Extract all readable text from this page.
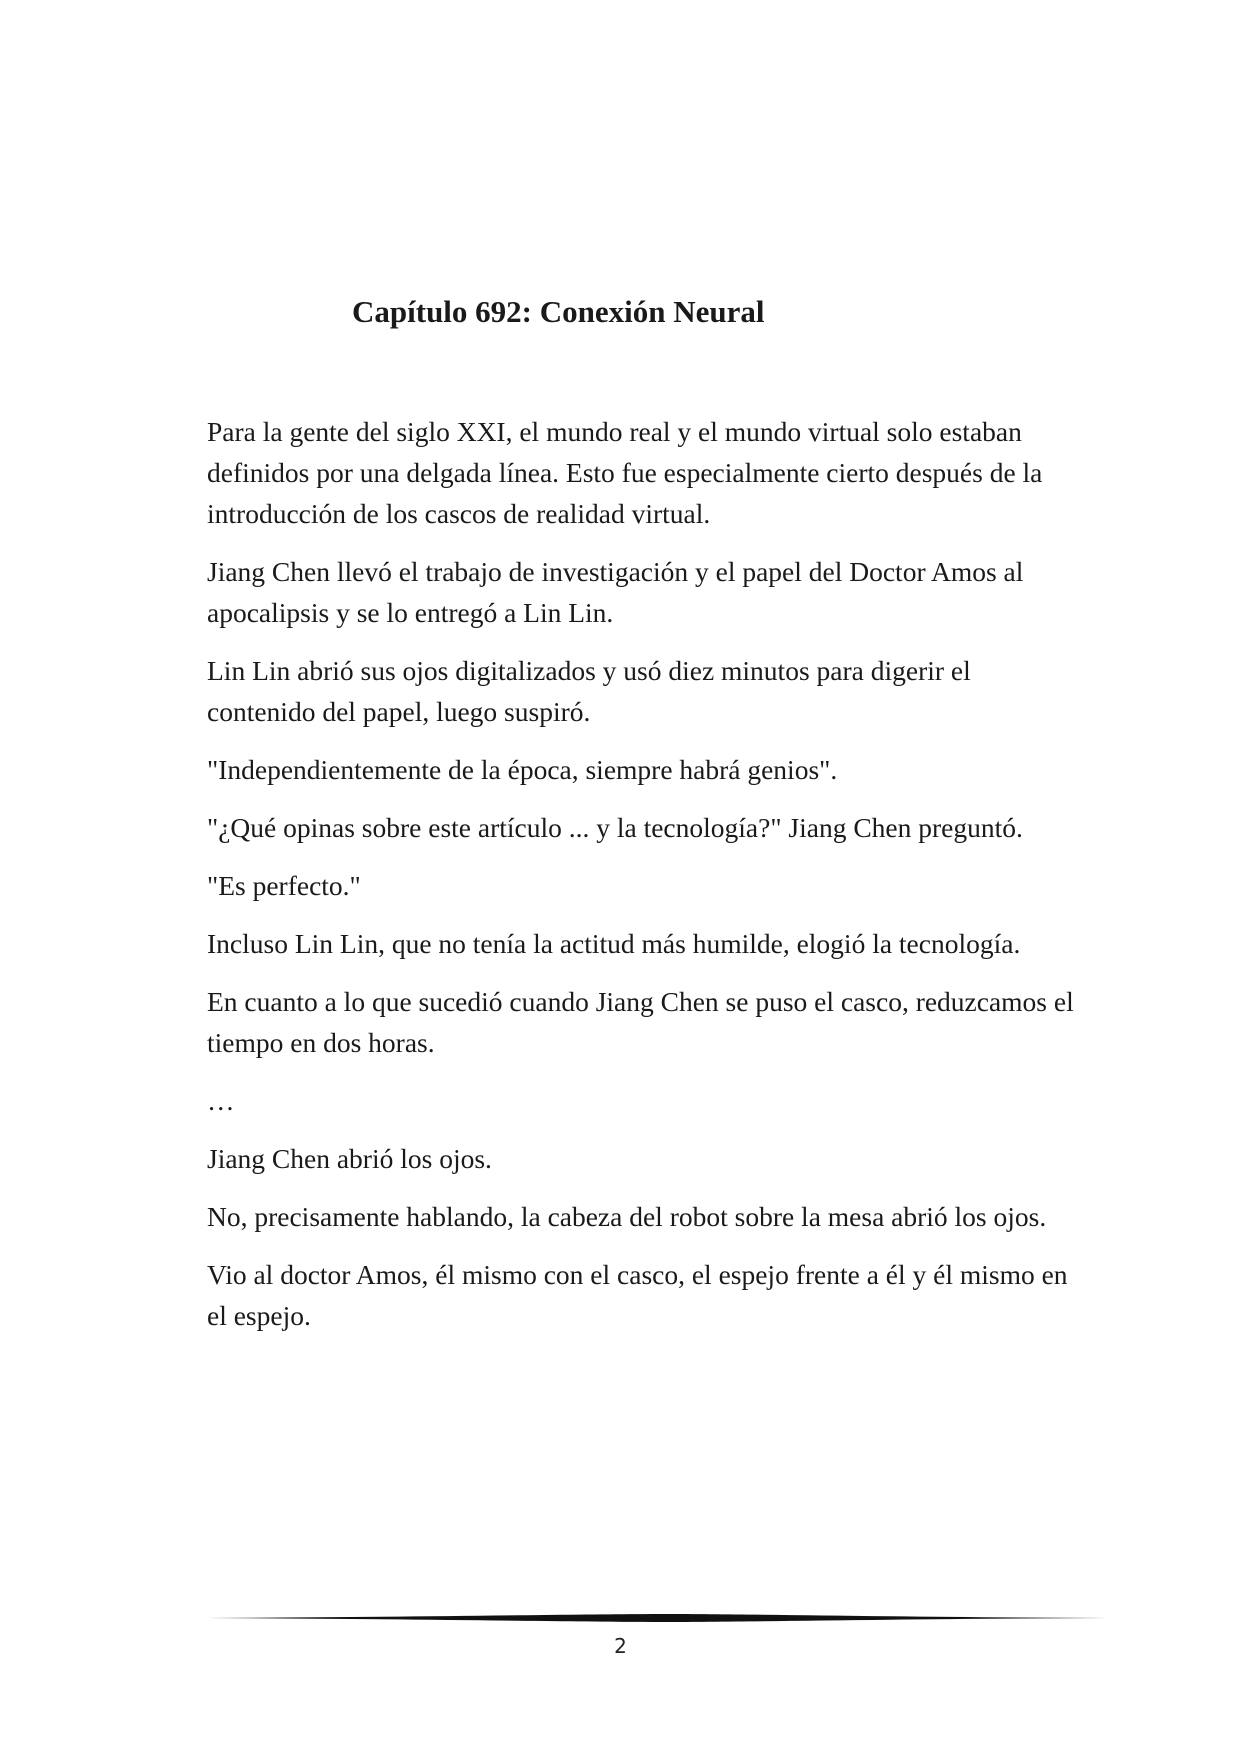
Capítulo 692: Conexión Neural

Para la gente del siglo XXI, el mundo real y el mundo virtual solo estaban definidos por una delgada línea. Esto fue especialmente cierto después de la introducción de los cascos de realidad virtual.

Jiang Chen llevó el trabajo de investigación y el papel del Doctor Amos al apocalipsis y se lo entregó a Lin Lin.

Lin Lin abrió sus ojos digitalizados y usó diez minutos para digerir el contenido del papel, luego suspiró.

"Independientemente de la época, siempre habrá genios".

"¿Qué opinas sobre este artículo ... y la tecnología?" Jiang Chen preguntó.

"Es perfecto."

Incluso Lin Lin, que no tenía la actitud más humilde, elogió la tecnología.

En cuanto a lo que sucedió cuando Jiang Chen se puso el casco, reduzcamos el tiempo en dos horas.

…

Jiang Chen abrió los ojos.

No, precisamente hablando, la cabeza del robot sobre la mesa abrió los ojos.

Vio al doctor Amos, él mismo con el casco, el espejo frente a él y él mismo en el espejo.

2
